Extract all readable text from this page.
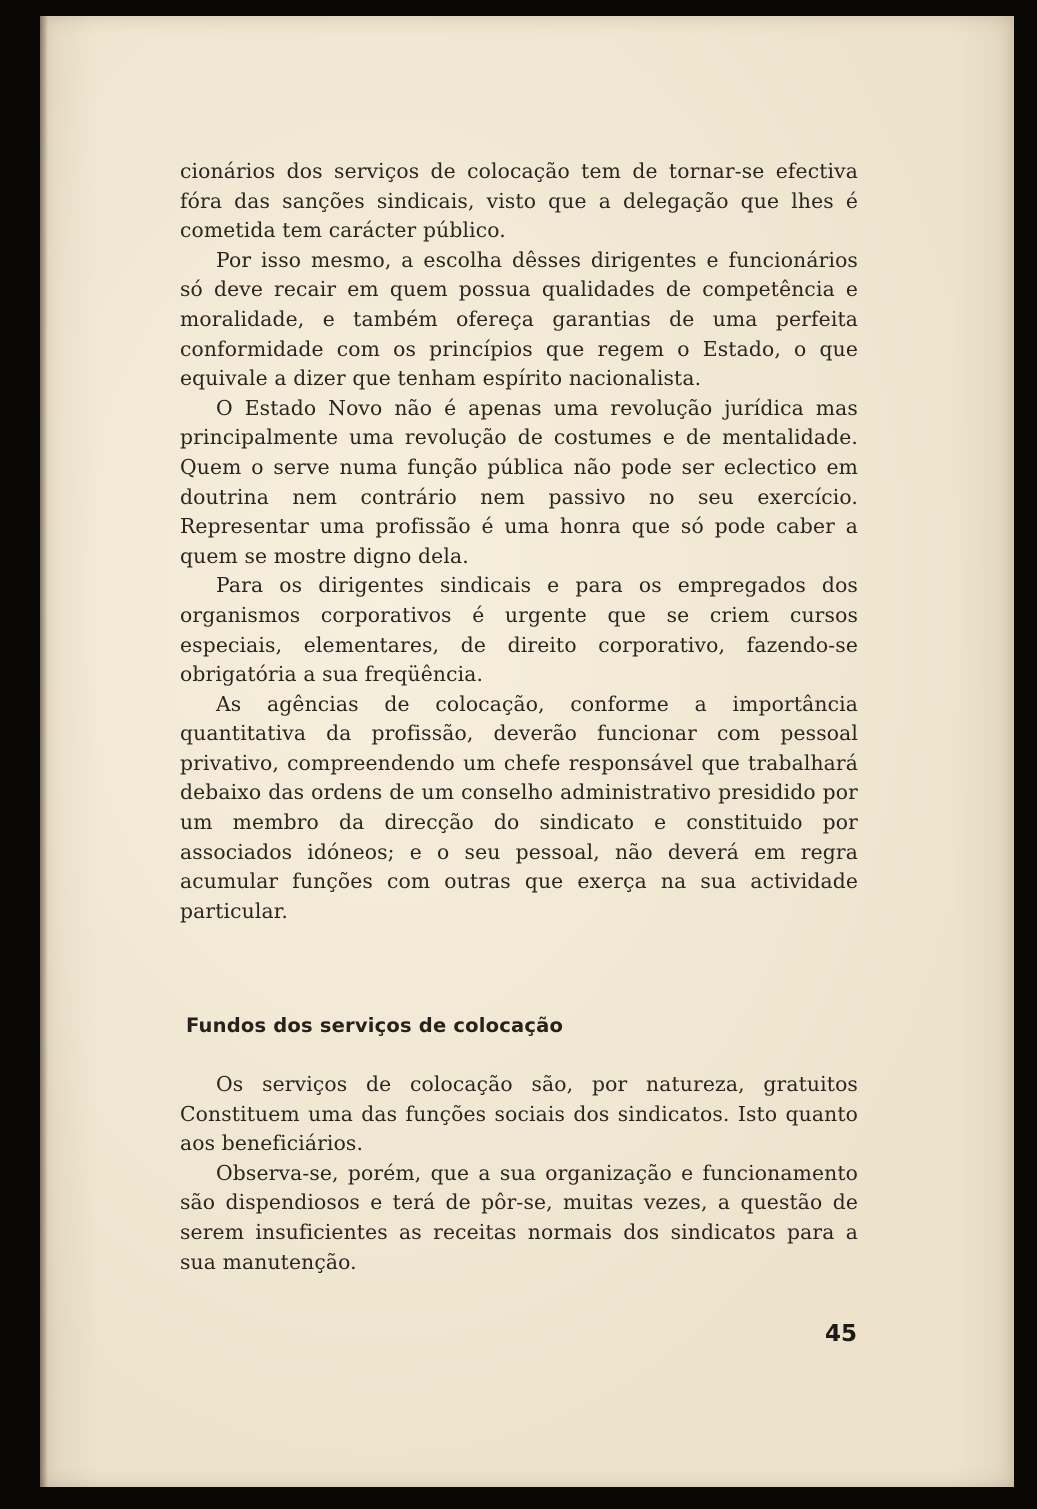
cionários dos serviços de colocação tem de tornar-se efectiva fóra das sanções sindicais, visto que a delegação que lhes é cometida tem carácter público.

Por isso mesmo, a escolha dêsses dirigentes e funcionários só deve recair em quem possua qualidades de competência e moralidade, e também ofereça garantias de uma perfeita conformidade com os princípios que regem o Estado, o que equivale a dizer que tenham espírito nacionalista.

O Estado Novo não é apenas uma revolução jurídica mas principalmente uma revolução de costumes e de mentalidade. Quem o serve numa função pública não pode ser eclectico em doutrina nem contrário nem passivo no seu exercício. Representar uma profissão é uma honra que só pode caber a quem se mostre digno dela.

Para os dirigentes sindicais e para os empregados dos organismos corporativos é urgente que se criem cursos especiais, elementares, de direito corporativo, fazendo-se obrigatória a sua freqüência.

As agências de colocação, conforme a importância quantitativa da profissão, deverão funcionar com pessoal privativo, compreendendo um chefe responsável que trabalhará debaixo das ordens de um conselho administrativo presidido por um membro da direcção do sindicato e constituido por associados idóneos; e o seu pessoal, não deverá em regra acumular funções com outras que exerça na sua actividade particular.

Fundos dos serviços de colocação

Os serviços de colocação são, por natureza, gratuitos Constituem uma das funções sociais dos sindicatos. Isto quanto aos beneficiários.

Observa-se, porém, que a sua organização e funcionamento são dispendiosos e terá de pôr-se, muitas vezes, a questão de serem insuficientes as receitas normais dos sindicatos para a sua manutenção.

45
